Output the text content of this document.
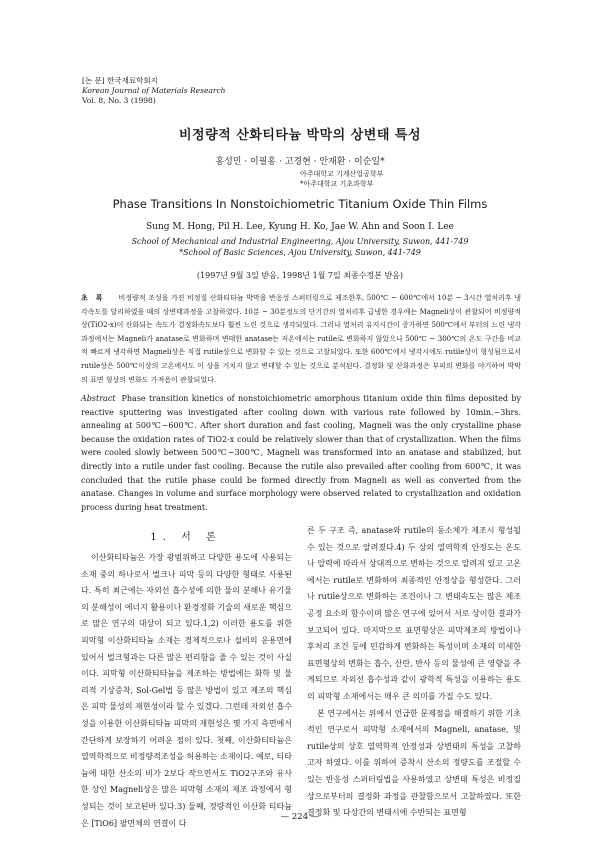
[논 문] 한국재료학회지
Korean Journal of Materials Research
Vol. 8, No. 3 (1998)
비정량적 산화티타늄 박막의 상변태 특성
홍성민 · 이필홍 · 고경현 · 안재환 · 이순일*
아주대학교 기계산업공학부
*아주대학교 기초과학부
Phase Transitions In Nonstoichiometric Titanium Oxide Thin Films
Sung M. Hong, Pil H. Lee, Kyung H. Ko, Jae W. Ahn and Soon I. Lee
School of Mechanical and Industrial Engineering, Ajou University, Suwon, 441-749
*School of Basic Sciences, Ajou University, Suwon, 441-749
(1997년 9월 3일 받음, 1998년 1월 7일 최종수정본 받음)
초록 비정량적 조성을 가진 비정질 산화티타늄 박막을 반응성 스퍼터링으로 제조한후, 500℃ ~ 600℃에서 10분 ~ 3시간 열처리후 냉각속도를 달리하였을 때의 상변태과정을 고찰하였다. 10분 ~ 30분정도의 단기간의 열처리후 급냉한 경우에는 Magneli상이 관찰되어 비정량적 상(TiO2-x)이 산화되는 속도가 결정화속도보다 훨씬 느린 것으로 생각되었다. 그러나 열처리 유지시간이 증가하면 500℃에서 부터의 느린 냉각과정에서는 Magneli가 anatase로 변화하며 변태한 anatase는 저온에서는 rutile로 변화하지 않았으나 500℃ ~ 300℃의 온도 구간을 비교적 빠르게 냉각하면 Magneli상은 직접 rutile상으로 변화할 수 있는 것으로 고찰되었다. 또한 600℃에서 냉각시에도 rutile상이 형성됨으로서 rutile상은 500℃이상의 고온에서도 이 상을 거치지 않고 변태할 수 있는 것으로 분석된다. 결정화 및 산화과정은 부피의 변화를 야기하여 박막의 표면 형상의 변화도 가져옴이 관찰되었다.
Abstract Phase transition kinetics of nonstoichiometric amorphous titanium oxide thin films deposited by reactive sputtering was investigated after cooling down with various rate followed by 10min.~3hrs. annealing at 500℃~600℃. After short duration and fast cooling, Magneli was the only crystalline phase because the oxidation rates of TiO2-x could be relatively slower than that of crystallization. When the films were cooled slowly between 500℃~300℃, Magneli was transformed into an anatase and stabilized, but directly into a rutile under fast cooling. Because the rutile also prevailed after cooling from 600℃, it was concluded that the rutile phase could be formed directly from Magneli as well as converted from the anatase. Changes in volume and surface morphology were observed related to crystallization and oxidation process during heat treatment.
1. 서 론
이산화티타늄은 가장 광범위하고 다양한 용도에 사용되는 소재 중의 하나로서 벌크나 피막 등의 다양한 형태로 사용된다. 특히 최근에는 자외선 흡수성에 의한 물의 분해나 유기물의 분해성이 에너지 활용이나 환경정화 기술의 새로운 핵심으로 많은 연구의 대상이 되고 있다.1,2) 이러한 용도를 위한 피막형 이산화티타늄 소재는 경제적으로나 설비의 운용면에 있어서 벌크형과는 다른 많은 편리함을 줄 수 있는 것이 사실이다. 피막형 이산화티타늄을 제조하는 방법에는 화학 및 물리적 기상증착, Sol-Gel법 등 많은 방법이 있고 제조의 핵심은 피막 물성의 재현성이라 할 수 있겠다. 그런데 자외선 흡수성을 이용한 이산화티타늄 피막의 재현성은 몇 가지 측면에서 간단하게 보장하기 어려운 점이 있다. 첫째, 이산화티타늄은 열역학적으로 비정량적조성을 허용하는 소재이다. 예로, 티타늄에 대한 산소의 비가 2보다 작으면서도 TiO2구조와 유사한 상인 Magneli상은 많은 피막형 소재의 제조 과정에서 형성되는 것이 보고된바 있다.3) 둘째, 정량적인 이산화 티타늄은 [TiO6] 팔면체의 연결이 다

른 두 구조 즉, anatase와 rutile의 동소체가 제조시 형성될 수 있는 것으로 알려졌다.4) 두 상의 열역학적 안정도는 온도나 압력에 따라서 상대적으로 변하는 것으로 알려져 있고 고온에서는 rutile로 변화하여 최종적인 안정상을 형성한다. 그러나 rutile상으로 변화하는 조건이나 그 변태속도는 많은 제조 공정 요소의 함수이며 많은 연구에 있어서 서로 상이한 결과가 보고되어 있다. 마지막으로 표면형상은 피막제조의 방법이나 후처리 조건 등에 민감하게 변화하는 특성이며 소재의 미세한 표면형상의 변화는 흡수, 산란, 반사 등의 물성에 큰 영향을 주게되므로 자외선 흡수성과 같이 광학적 특성을 이용하는 용도의 피막형 소재에서는 매우 큰 의미를 가질 수도 있다.

본 연구에서는 위에서 언급한 문제점을 해결하기 위한 기초적인 연구로서 피막형 소재에서의 Magneli, anatase, 및 rutile상의 상호 열역학적 안정성과 상변태의 특성을 고찰하고자 하였다. 이를 위하여 증착시 산소의 정량도를 조절할 수 있는 반응성 스퍼터링법을 사용하였고 상변태 특성은 비정질 상으로부터의 결정화 과정을 관찰함으로서 고찰하였다. 또한 결정화 및 다상간의 변태시에 수반되는 표면형

— 224 —
